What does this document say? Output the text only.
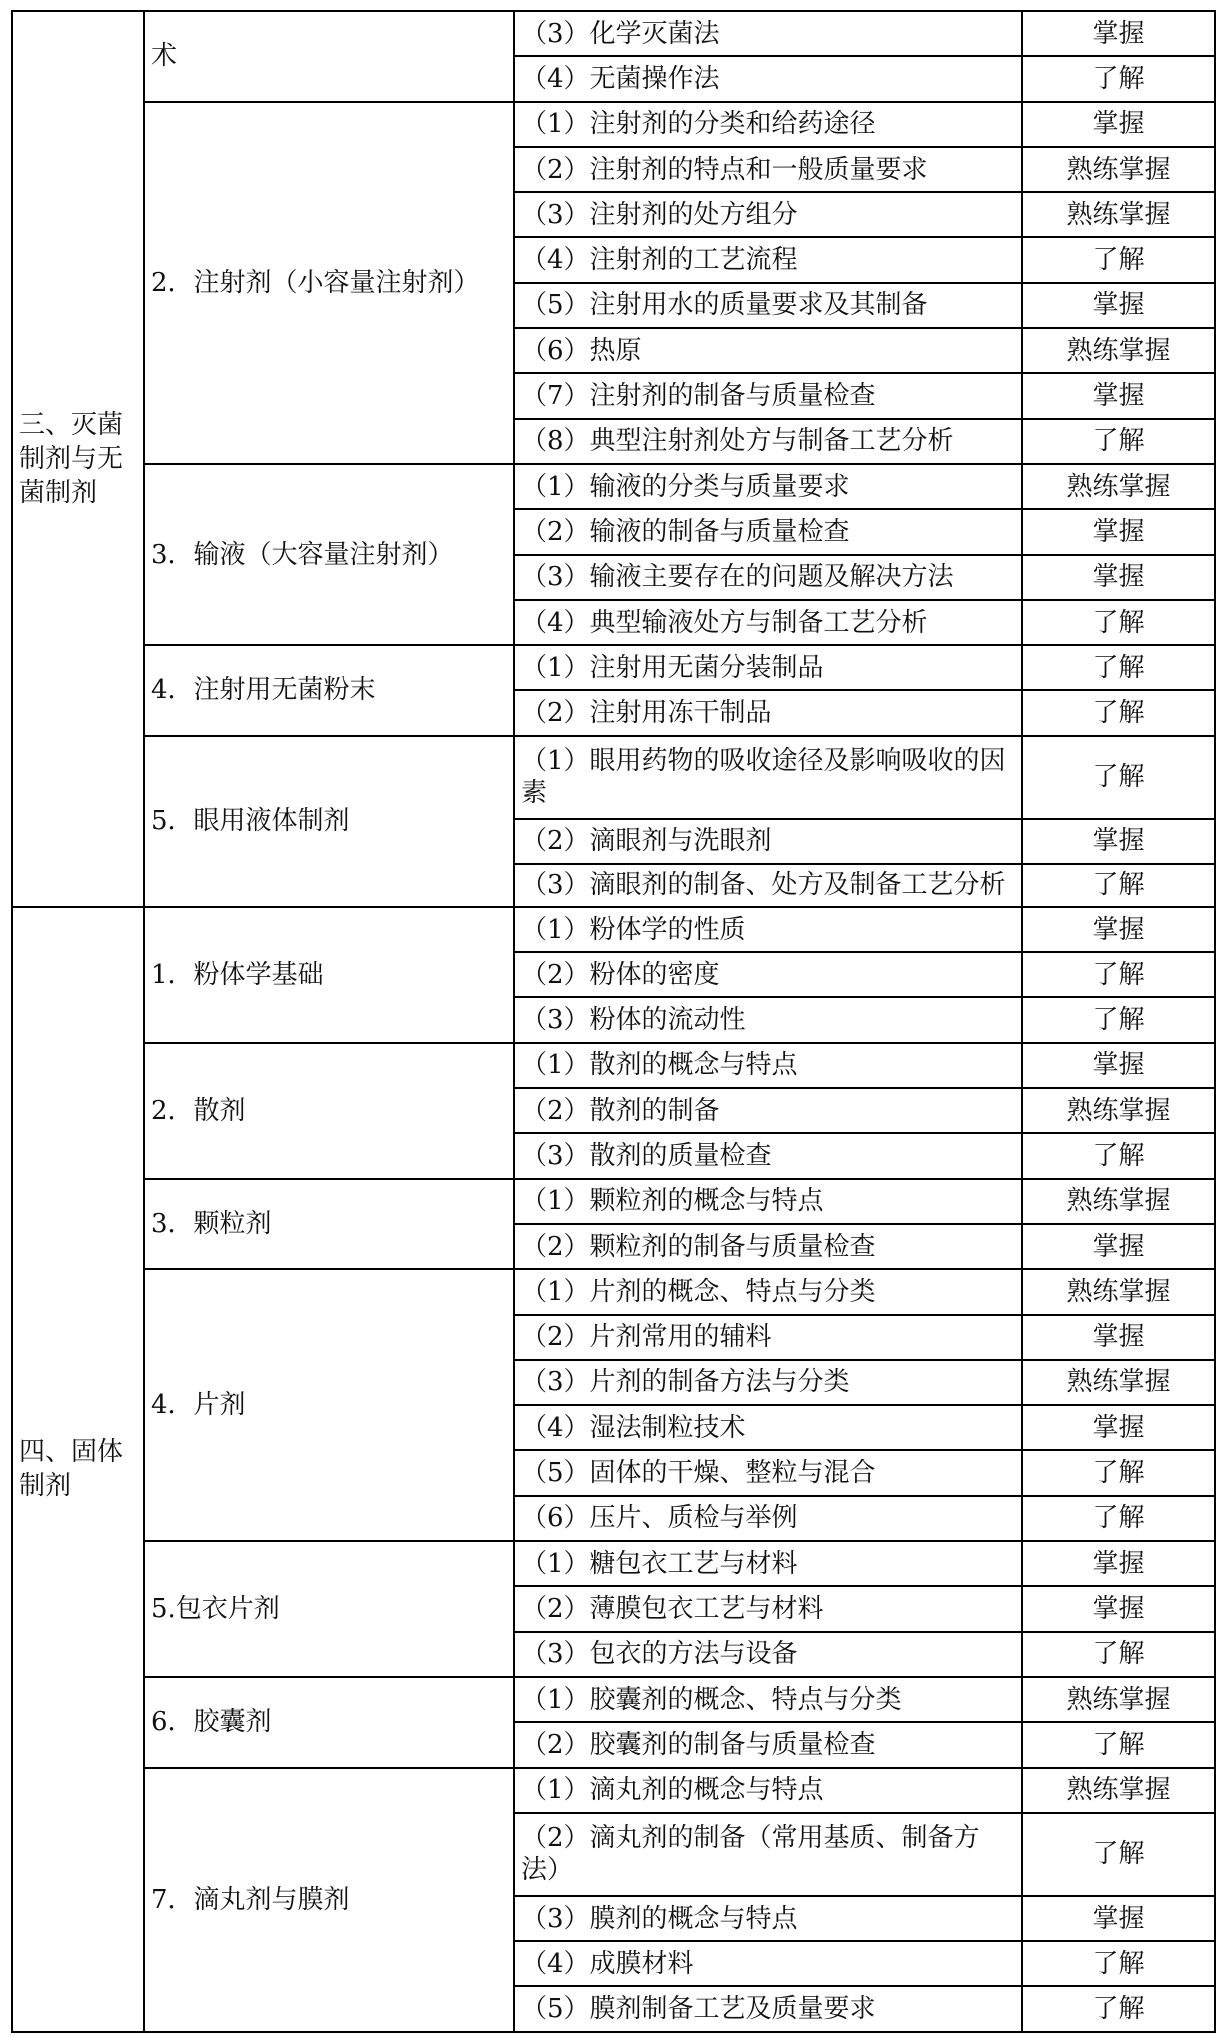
三、灭菌制剂与无菌制剂	术	（3）化学灭菌法	掌握
		（4）无菌操作法	了解
	2．注射剂（小容量注射剂）	（1）注射剂的分类和给药途径	掌握
		（2）注射剂的特点和一般质量要求	熟练掌握
		（3）注射剂的处方组分	熟练掌握
		（4）注射剂的工艺流程	了解
		（5）注射用水的质量要求及其制备	掌握
		（6）热原	熟练掌握
		（7）注射剂的制备与质量检查	掌握
		（8）典型注射剂处方与制备工艺分析	了解
	3．输液（大容量注射剂）	（1）输液的分类与质量要求	熟练掌握
		（2）输液的制备与质量检查	掌握
		（3）输液主要存在的问题及解决方法	掌握
		（4）典型输液处方与制备工艺分析	了解
	4．注射用无菌粉末	（1）注射用无菌分装制品	了解
		（2）注射用冻干制品	了解
	5．眼用液体制剂	（1）眼用药物的吸收途径及影响吸收的因素	了解
		（2）滴眼剂与洗眼剂	掌握
		（3）滴眼剂的制备、处方及制备工艺分析	了解
四、固体制剂	1．粉体学基础	（1）粉体学的性质	掌握
		（2）粉体的密度	了解
		（3）粉体的流动性	了解
	2．散剂	（1）散剂的概念与特点	掌握
		（2）散剂的制备	熟练掌握
		（3）散剂的质量检查	了解
	3．颗粒剂	（1）颗粒剂的概念与特点	熟练掌握
		（2）颗粒剂的制备与质量检查	掌握
	4．片剂	（1）片剂的概念、特点与分类	熟练掌握
		（2）片剂常用的辅料	掌握
		（3）片剂的制备方法与分类	熟练掌握
		（4）湿法制粒技术	掌握
		（5）固体的干燥、整粒与混合	了解
		（6）压片、质检与举例	了解
	5.包衣片剂	（1）糖包衣工艺与材料	掌握
		（2）薄膜包衣工艺与材料	掌握
		（3）包衣的方法与设备	了解
	6．胶囊剂	（1）胶囊剂的概念、特点与分类	熟练掌握
		（2）胶囊剂的制备与质量检查	了解
	7．滴丸剂与膜剂	（1）滴丸剂的概念与特点	熟练掌握
		（2）滴丸剂的制备（常用基质、制备方法）	了解
		（3）膜剂的概念与特点	掌握
		（4）成膜材料	了解
		（5）膜剂制备工艺及质量要求	了解
